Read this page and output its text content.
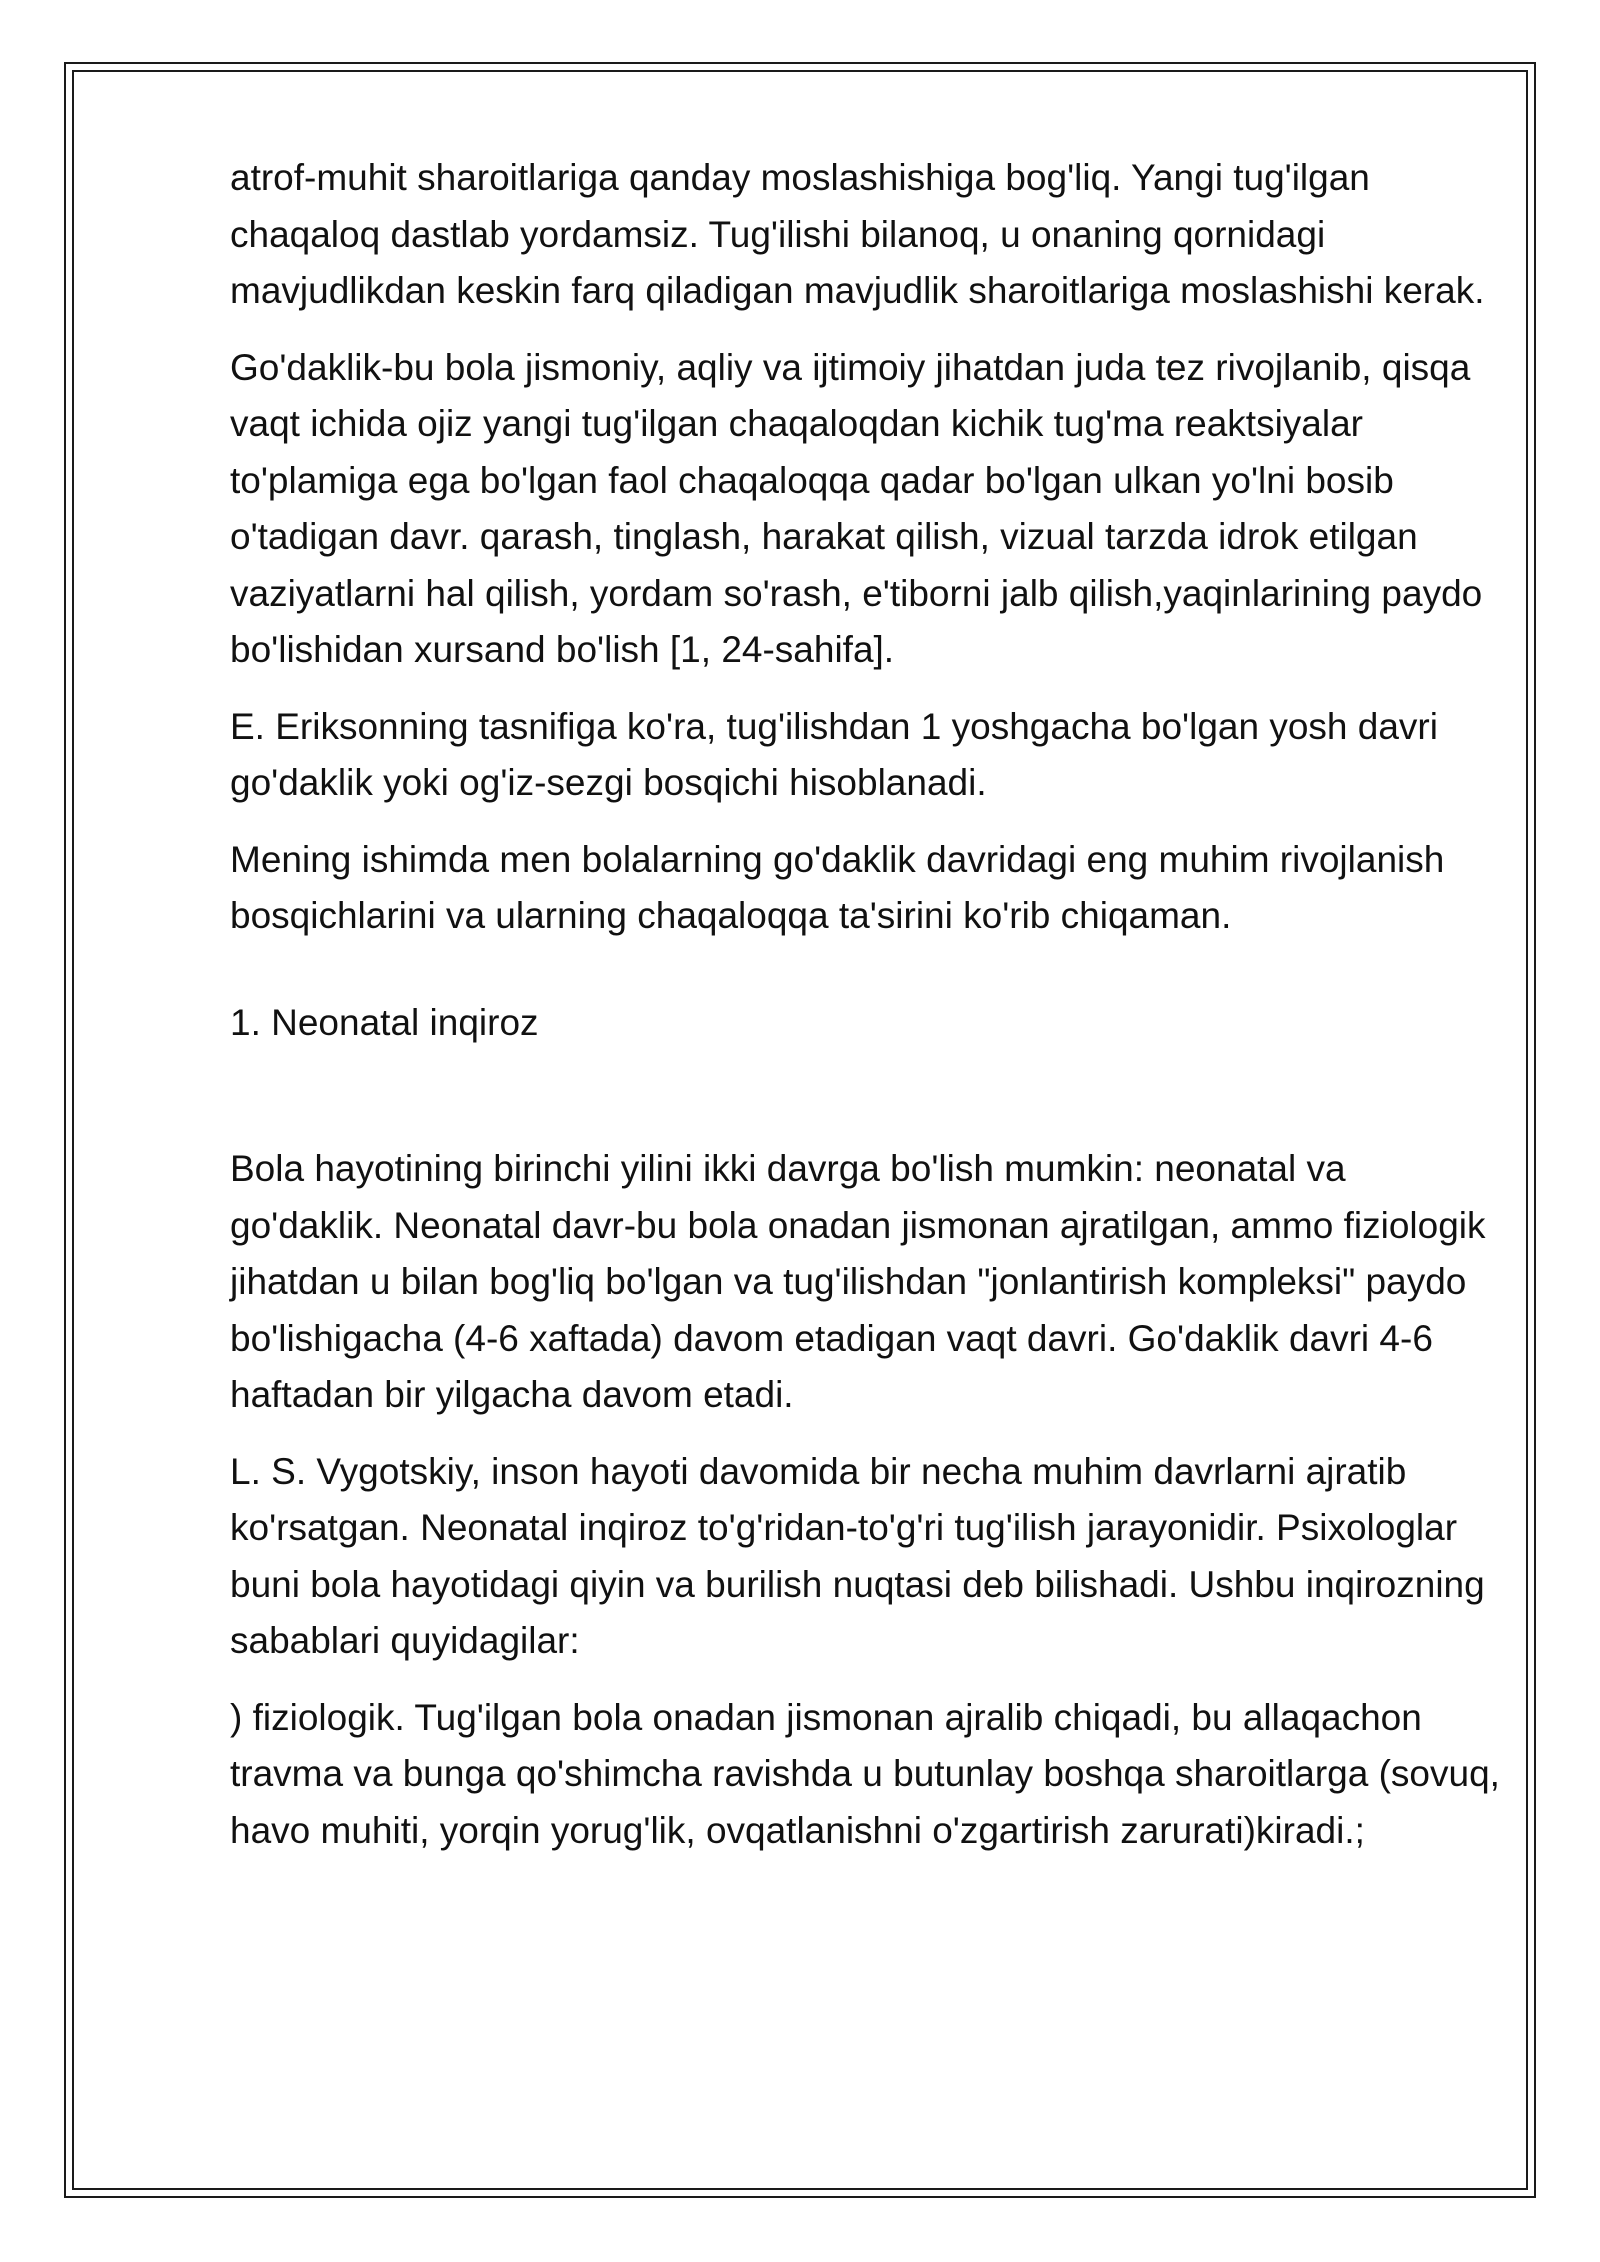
atrof-muhit sharoitlariga qanday moslashishiga bog'liq. Yangi tug'ilgan chaqaloq dastlab yordamsiz. Tug'ilishi bilanoq, u onaning qornidagi mavjudlikdan keskin farq qiladigan mavjudlik sharoitlariga moslashishi kerak.

Go'daklik-bu bola jismoniy, aqliy va ijtimoiy jihatdan juda tez rivojlanib, qisqa vaqt ichida ojiz yangi tug'ilgan chaqaloqdan kichik tug'ma reaktsiyalar to'plamiga ega bo'lgan faol chaqaloqqa qadar bo'lgan ulkan yo'lni bosib o'tadigan davr. qarash, tinglash, harakat qilish, vizual tarzda idrok etilgan vaziyatlarni hal qilish, yordam so'rash, e'tiborni jalb qilish,yaqinlarining paydo bo'lishidan xursand bo'lish [1, 24-sahifa].

E. Eriksonning tasnifiga ko'ra, tug'ilishdan 1 yoshgacha bo'lgan yosh davri go'daklik yoki og'iz-sezgi bosqichi hisoblanadi.

Mening ishimda men bolalarning go'daklik davridagi eng muhim rivojlanish bosqichlarini va ularning chaqaloqqa ta'sirini ko'rib chiqaman.

1. Neonatal inqiroz

Bola hayotining birinchi yilini ikki davrga bo'lish mumkin: neonatal va go'daklik. Neonatal davr-bu bola onadan jismonan ajratilgan, ammo fiziologik jihatdan u bilan bog'liq bo'lgan va tug'ilishdan "jonlantirish kompleksi" paydo bo'lishigacha (4-6 xaftada) davom etadigan vaqt davri. Go'daklik davri 4-6 haftadan bir yilgacha davom etadi.

L. S. Vygotskiy, inson hayoti davomida bir necha muhim davrlarni ajratib ko'rsatgan. Neonatal inqiroz to'g'ridan-to'g'ri tug'ilish jarayonidir. Psixologlar buni bola hayotidagi qiyin va burilish nuqtasi deb bilishadi. Ushbu inqirozning sabablari quyidagilar:

) fiziologik. Tug'ilgan bola onadan jismonan ajralib chiqadi, bu allaqachon travma va bunga qo'shimcha ravishda u butunlay boshqa sharoitlarga (sovuq, havo muhiti, yorqin yorug'lik, ovqatlanishni o'zgartirish zarurati)kiradi.;
